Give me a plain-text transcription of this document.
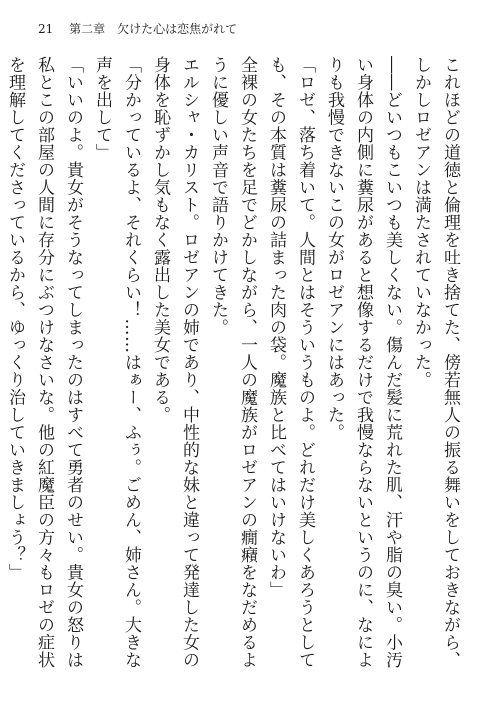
21 第二章　欠けた心は恋焦がれて

これほどの道徳と倫理を吐き捨てた、傍若無人の振る舞いをしておきながら、しかしロゼアンは満たされていなかった。

――どいつもこいつも美しくない。傷んだ髪に荒れた肌、汗や脂の臭い。小汚い身体の内側に糞尿があると想像するだけで我慢ならないというのに、なによりも我慢できないこの女がロゼアンにはあった。

「ロゼ、落ち着いて。人間とはそういうものよ。どれだけ美しくあろうとしても、その本質は糞尿の詰まった肉の袋。魔族と比べてはいけないわ」

全裸の女たちを足でどかしながら、一人の魔族がロゼアンの癇癪をなだめるように優しい声音で語りかけてきた。

エルシャ・カリスト。ロゼアンの姉であり、中性的な妹と違って発達した女の身体を恥ずかし気もなく露出した美女である。

「分かっているよ、それくらい！……はぁー、ふぅ。ごめん、姉さん。大きな声を出して」

「いいのよ。貴女がそうなってしまったのはすべて勇者のせい。貴女の怒りは私とこの部屋の人間に存分にぶつけなさいな。他の紅魔臣の方々もロゼの症状を理解してくださっているから、ゆっくり治していきましょう？」
